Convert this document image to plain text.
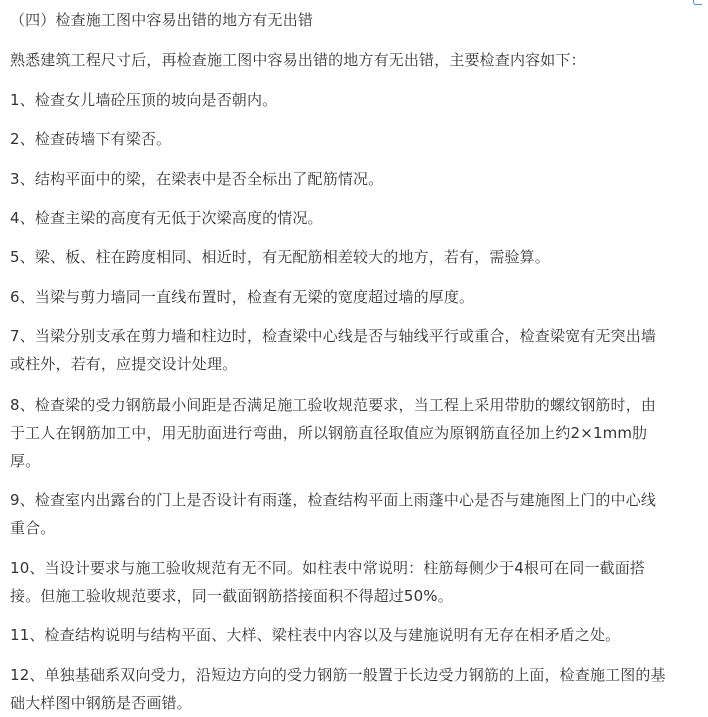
（四）检查施工图中容易出错的地方有无出错
熟悉建筑工程尺寸后，再检查施工图中容易出错的地方有无出错，主要检查内容如下：
1、检查女儿墙砼压顶的坡向是否朝内。
2、检查砖墙下有梁否。
3、结构平面中的梁，在梁表中是否全标出了配筋情况。
4、检查主梁的高度有无低于次梁高度的情况。
5、梁、板、柱在跨度相同、相近时，有无配筋相差较大的地方，若有，需验算。
6、当梁与剪力墙同一直线布置时，检查有无梁的宽度超过墙的厚度。
7、当梁分别支承在剪力墙和柱边时，检查梁中心线是否与轴线平行或重合，检查梁宽有无突出墙
或柱外，若有，应提交设计处理。
8、检查梁的受力钢筋最小间距是否满足施工验收规范要求，当工程上采用带肋的螺纹钢筋时，由
于工人在钢筋加工中，用无肋面进行弯曲，所以钢筋直径取值应为原钢筋直径加上约2×1mm肋
厚。
9、检查室内出露台的门上是否设计有雨蓬，检查结构平面上雨蓬中心是否与建施图上门的中心线
重合。
10、当设计要求与施工验收规范有无不同。如柱表中常说明：柱筋每侧少于4根可在同一截面搭
接。但施工验收规范要求，同一截面钢筋搭接面积不得超过50%。
11、检查结构说明与结构平面、大样、梁柱表中内容以及与建施说明有无存在相矛盾之处。
12、单独基础系双向受力，沿短边方向的受力钢筋一般置于长边受力钢筋的上面，检查施工图的基
础大样图中钢筋是否画错。
